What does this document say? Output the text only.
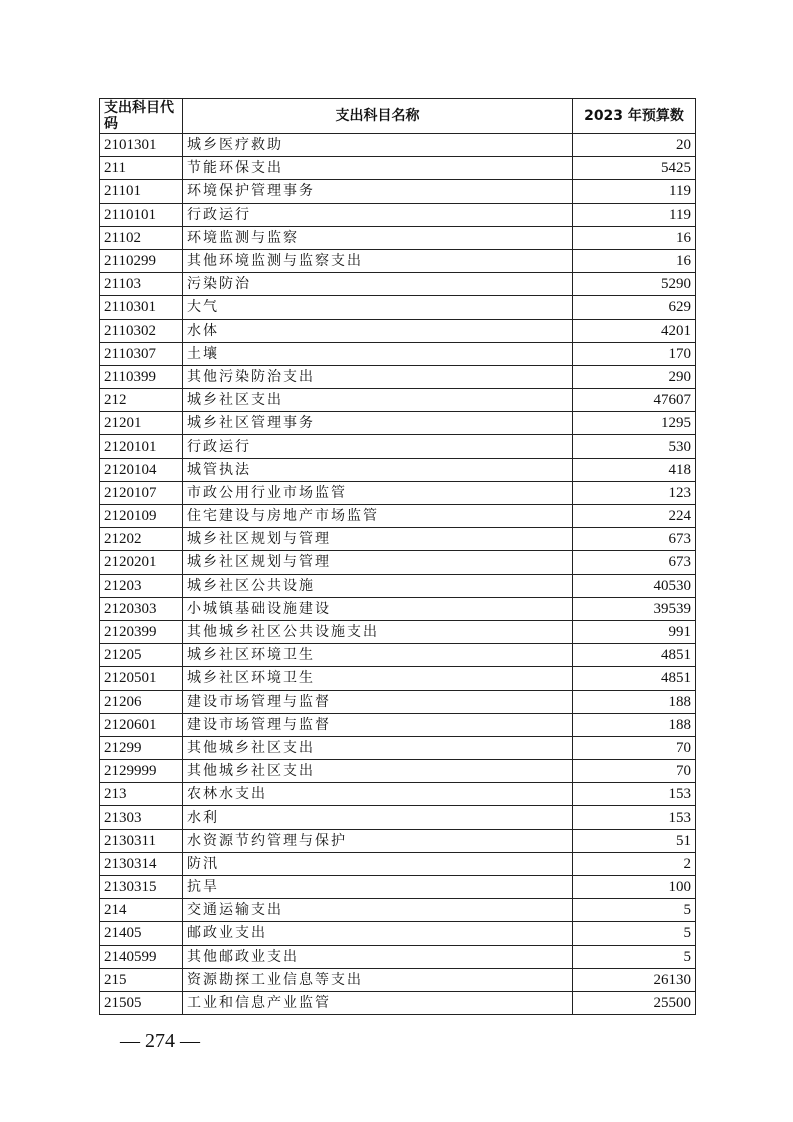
支出科目代码	支出科目名称	2023 年预算数
2101301	城乡医疗救助	20
211	节能环保支出	5425
21101	环境保护管理事务	119
2110101	行政运行	119
21102	环境监测与监察	16
2110299	其他环境监测与监察支出	16
21103	污染防治	5290
2110301	大气	629
2110302	水体	4201
2110307	土壤	170
2110399	其他污染防治支出	290
212	城乡社区支出	47607
21201	城乡社区管理事务	1295
2120101	行政运行	530
2120104	城管执法	418
2120107	市政公用行业市场监管	123
2120109	住宅建设与房地产市场监管	224
21202	城乡社区规划与管理	673
2120201	城乡社区规划与管理	673
21203	城乡社区公共设施	40530
2120303	小城镇基础设施建设	39539
2120399	其他城乡社区公共设施支出	991
21205	城乡社区环境卫生	4851
2120501	城乡社区环境卫生	4851
21206	建设市场管理与监督	188
2120601	建设市场管理与监督	188
21299	其他城乡社区支出	70
2129999	其他城乡社区支出	70
213	农林水支出	153
21303	水利	153
2130311	水资源节约管理与保护	51
2130314	防汛	2
2130315	抗旱	100
214	交通运输支出	5
21405	邮政业支出	5
2140599	其他邮政业支出	5
215	资源勘探工业信息等支出	26130
21505	工业和信息产业监管	25500
— 274 —
